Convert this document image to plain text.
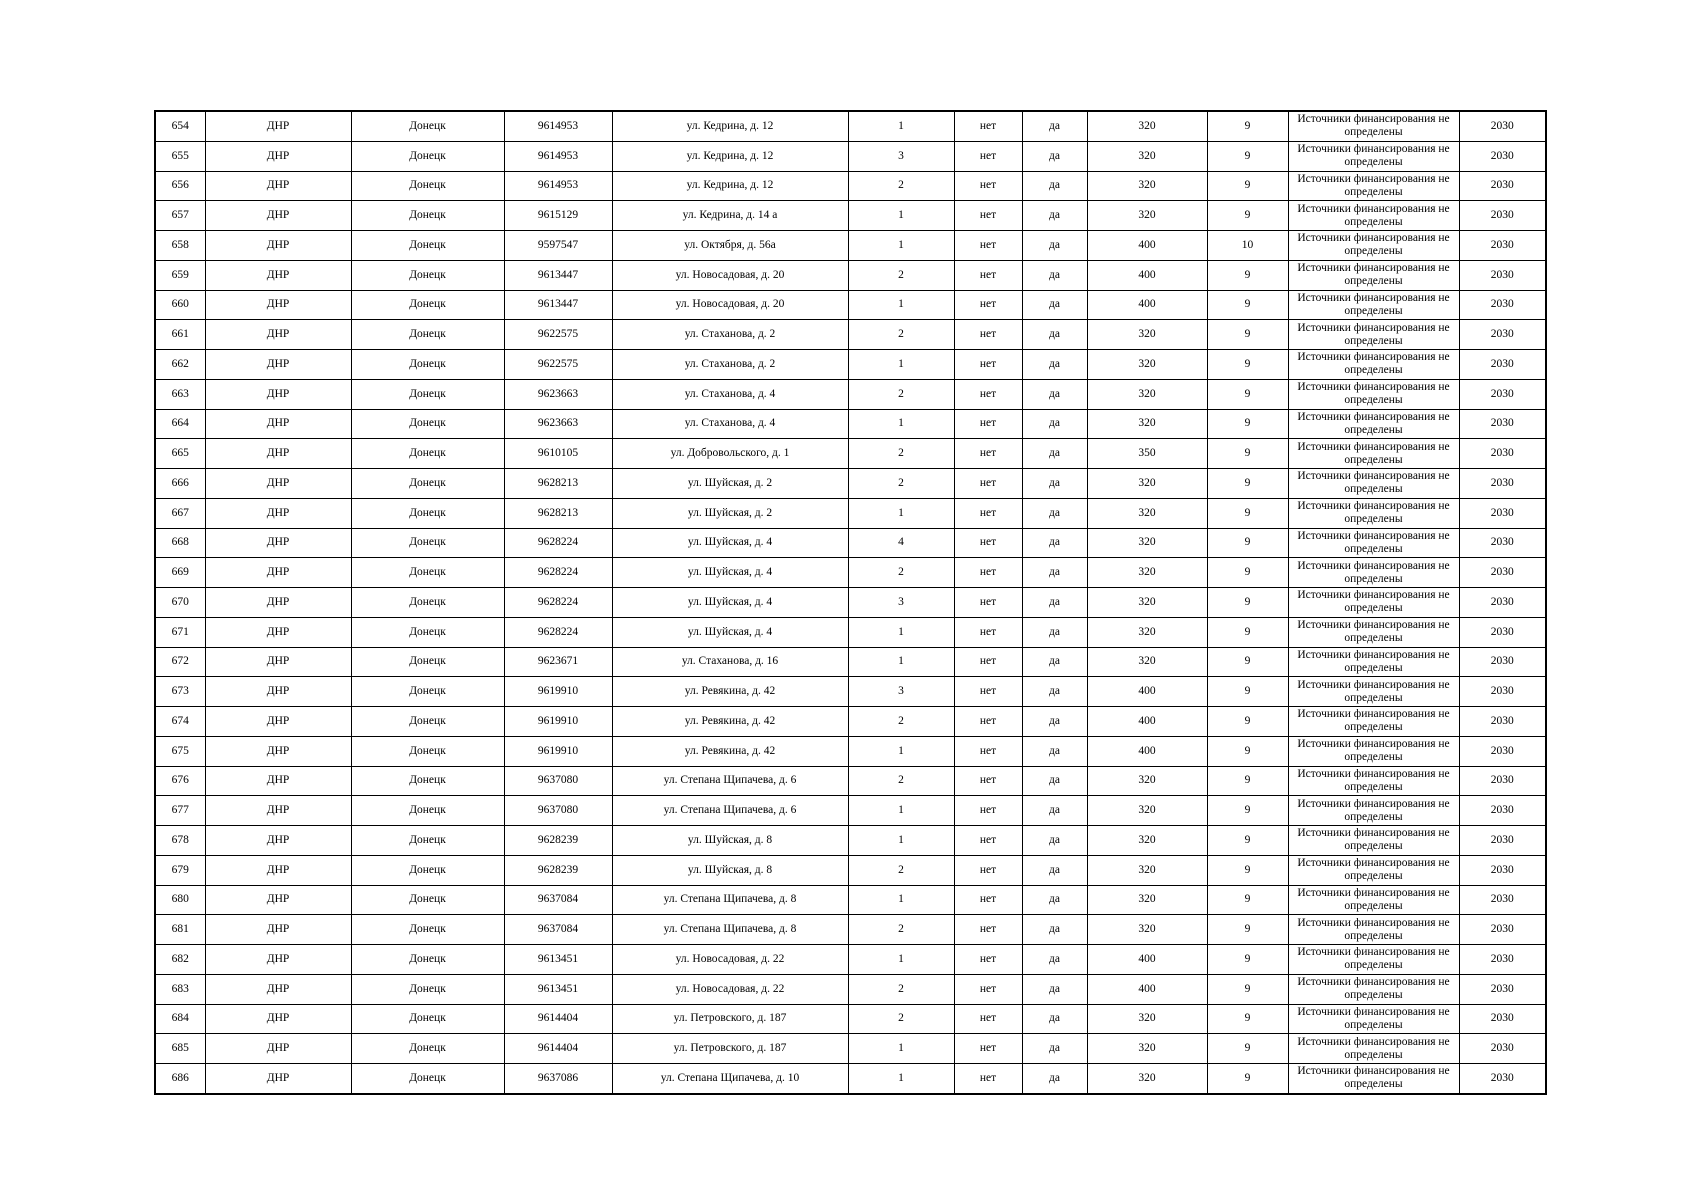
654	ДНР	Донецк	9614953	ул. Кедрина, д. 12	1	нет	да	320	9	Источники финансирования не определены	2030
655	ДНР	Донецк	9614953	ул. Кедрина, д. 12	3	нет	да	320	9	Источники финансирования не определены	2030
656	ДНР	Донецк	9614953	ул. Кедрина, д. 12	2	нет	да	320	9	Источники финансирования не определены	2030
657	ДНР	Донецк	9615129	ул. Кедрина, д. 14 а	1	нет	да	320	9	Источники финансирования не определены	2030
658	ДНР	Донецк	9597547	ул. Октября, д. 56а	1	нет	да	400	10	Источники финансирования не определены	2030
659	ДНР	Донецк	9613447	ул. Новосадовая, д. 20	2	нет	да	400	9	Источники финансирования не определены	2030
660	ДНР	Донецк	9613447	ул. Новосадовая, д. 20	1	нет	да	400	9	Источники финансирования не определены	2030
661	ДНР	Донецк	9622575	ул. Стаханова, д. 2	2	нет	да	320	9	Источники финансирования не определены	2030
662	ДНР	Донецк	9622575	ул. Стаханова, д. 2	1	нет	да	320	9	Источники финансирования не определены	2030
663	ДНР	Донецк	9623663	ул. Стаханова, д. 4	2	нет	да	320	9	Источники финансирования не определены	2030
664	ДНР	Донецк	9623663	ул. Стаханова, д. 4	1	нет	да	320	9	Источники финансирования не определены	2030
665	ДНР	Донецк	9610105	ул. Добровольского, д. 1	2	нет	да	350	9	Источники финансирования не определены	2030
666	ДНР	Донецк	9628213	ул. Шуйская, д. 2	2	нет	да	320	9	Источники финансирования не определены	2030
667	ДНР	Донецк	9628213	ул. Шуйская, д. 2	1	нет	да	320	9	Источники финансирования не определены	2030
668	ДНР	Донецк	9628224	ул. Шуйская, д. 4	4	нет	да	320	9	Источники финансирования не определены	2030
669	ДНР	Донецк	9628224	ул. Шуйская, д. 4	2	нет	да	320	9	Источники финансирования не определены	2030
670	ДНР	Донецк	9628224	ул. Шуйская, д. 4	3	нет	да	320	9	Источники финансирования не определены	2030
671	ДНР	Донецк	9628224	ул. Шуйская, д. 4	1	нет	да	320	9	Источники финансирования не определены	2030
672	ДНР	Донецк	9623671	ул. Стаханова, д. 16	1	нет	да	320	9	Источники финансирования не определены	2030
673	ДНР	Донецк	9619910	ул. Ревякина, д. 42	3	нет	да	400	9	Источники финансирования не определены	2030
674	ДНР	Донецк	9619910	ул. Ревякина, д. 42	2	нет	да	400	9	Источники финансирования не определены	2030
675	ДНР	Донецк	9619910	ул. Ревякина, д. 42	1	нет	да	400	9	Источники финансирования не определены	2030
676	ДНР	Донецк	9637080	ул. Степана Щипачева, д. 6	2	нет	да	320	9	Источники финансирования не определены	2030
677	ДНР	Донецк	9637080	ул. Степана Щипачева, д. 6	1	нет	да	320	9	Источники финансирования не определены	2030
678	ДНР	Донецк	9628239	ул. Шуйская, д. 8	1	нет	да	320	9	Источники финансирования не определены	2030
679	ДНР	Донецк	9628239	ул. Шуйская, д. 8	2	нет	да	320	9	Источники финансирования не определены	2030
680	ДНР	Донецк	9637084	ул. Степана Щипачева, д. 8	1	нет	да	320	9	Источники финансирования не определены	2030
681	ДНР	Донецк	9637084	ул. Степана Щипачева, д. 8	2	нет	да	320	9	Источники финансирования не определены	2030
682	ДНР	Донецк	9613451	ул. Новосадовая, д. 22	1	нет	да	400	9	Источники финансирования не определены	2030
683	ДНР	Донецк	9613451	ул. Новосадовая, д. 22	2	нет	да	400	9	Источники финансирования не определены	2030
684	ДНР	Донецк	9614404	ул. Петровского, д. 187	2	нет	да	320	9	Источники финансирования не определены	2030
685	ДНР	Донецк	9614404	ул. Петровского, д. 187	1	нет	да	320	9	Источники финансирования не определены	2030
686	ДНР	Донецк	9637086	ул. Степана Щипачева, д. 10	1	нет	да	320	9	Источники финансирования не определены	2030
